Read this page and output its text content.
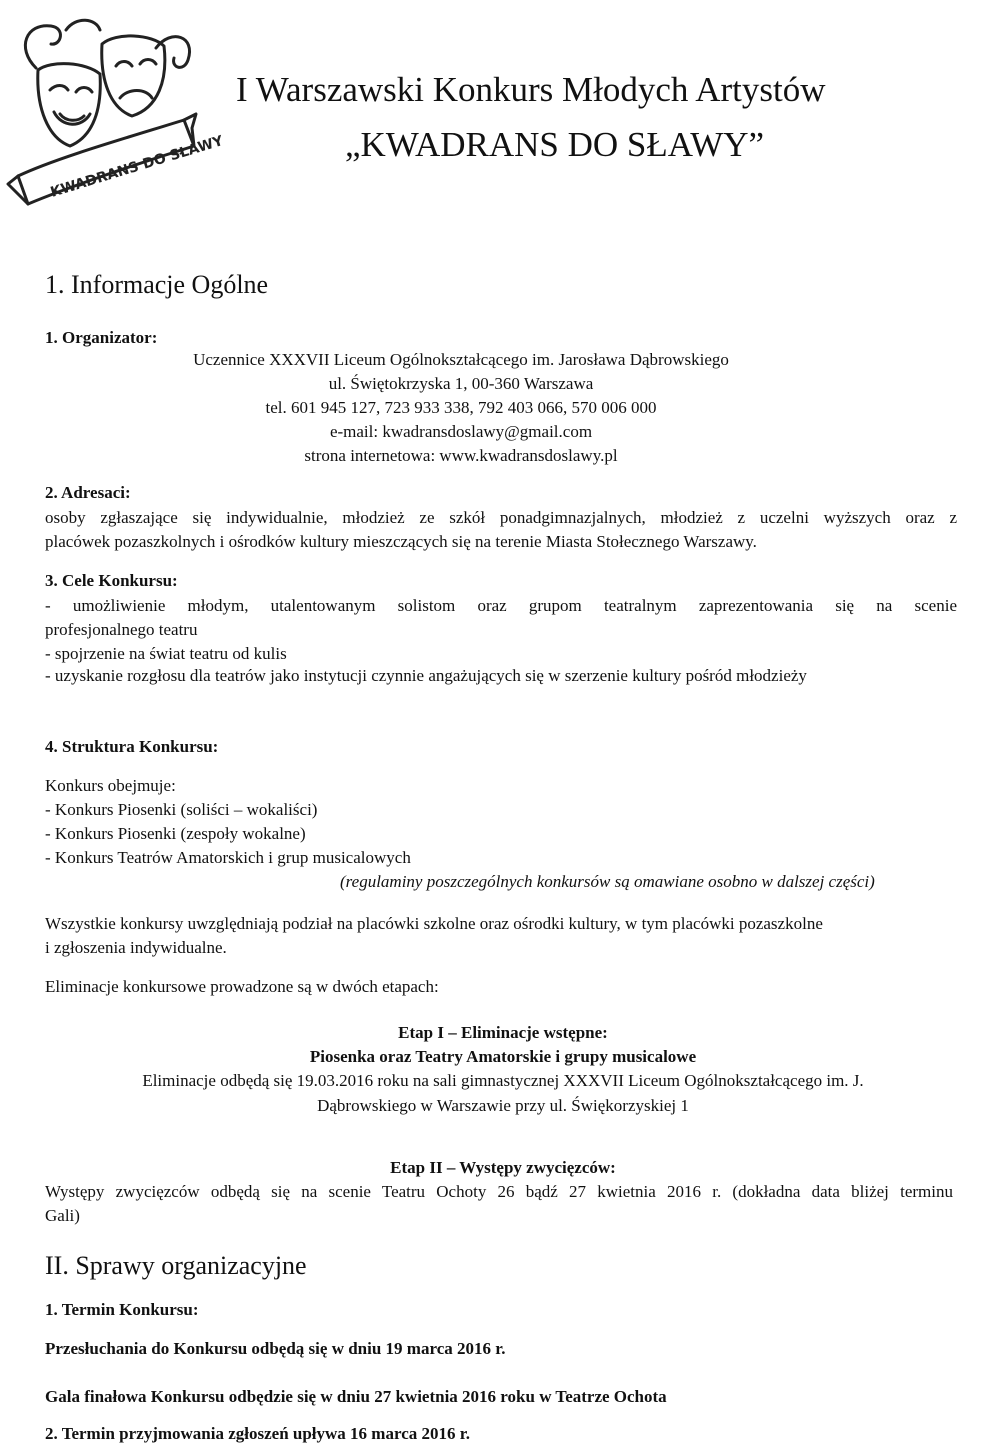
KWADRANS DO SŁAWY
I Warszawski Konkurs Młodych Artystów
„KWADRANS DO SŁAWY”
1. Informacje Ogólne
1. Organizator:
Uczennice XXXVII Liceum Ogólnokształcącego im. Jarosława Dąbrowskiego
ul. Świętokrzyska 1, 00-360 Warszawa
tel. 601 945 127, 723 933 338, 792 403 066, 570 006 000
e-mail: kwadransdoslawy@gmail.com
strona internetowa: www.kwadransdoslawy.pl
2. Adresaci:
osoby zgłaszające się indywidualnie, młodzież ze szkół ponadgimnazjalnych, młodzież z uczelni wyższych oraz z
placówek pozaszkolnych i ośrodków kultury mieszczących się na terenie Miasta Stołecznego Warszawy.
3. Cele Konkursu:
- umożliwienie młodym, utalentowanym solistom oraz grupom teatralnym zaprezentowania się na scenie
profesjonalnego teatru
- spojrzenie na świat teatru od kulis
- uzyskanie rozgłosu dla teatrów jako instytucji czynnie angażujących się w szerzenie kultury pośród młodzieży
4. Struktura Konkursu:
Konkurs obejmuje:
- Konkurs Piosenki (soliści – wokaliści)
- Konkurs Piosenki (zespoły wokalne)
- Konkurs Teatrów Amatorskich i grup musicalowych
(regulaminy poszczególnych konkursów są omawiane osobno w dalszej części)
Wszystkie konkursy uwzględniają podział na placówki szkolne oraz ośrodki kultury, w tym placówki pozaszkolne
i zgłoszenia indywidualne.
Eliminacje konkursowe prowadzone są w dwóch etapach:
Etap I – Eliminacje wstępne:
Piosenka oraz Teatry Amatorskie i grupy musicalowe
Eliminacje odbędą się 19.03.2016 roku na sali gimnastycznej XXXVII Liceum Ogólnokształcącego im. J.
Dąbrowskiego w Warszawie przy ul. Świękorzyskiej 1
Etap II – Występy zwycięzców:
Występy zwycięzców odbędą się na scenie Teatru Ochoty 26 bądź 27 kwietnia 2016 r. (dokładna data bliżej terminu
Gali)
II. Sprawy organizacyjne
1. Termin Konkursu:
Przesłuchania do Konkursu odbędą się w dniu 19 marca 2016 r.
Gala finałowa Konkursu odbędzie się w dniu 27 kwietnia 2016 roku w Teatrze Ochota
2. Termin przyjmowania zgłoszeń upływa 16 marca 2016 r.
